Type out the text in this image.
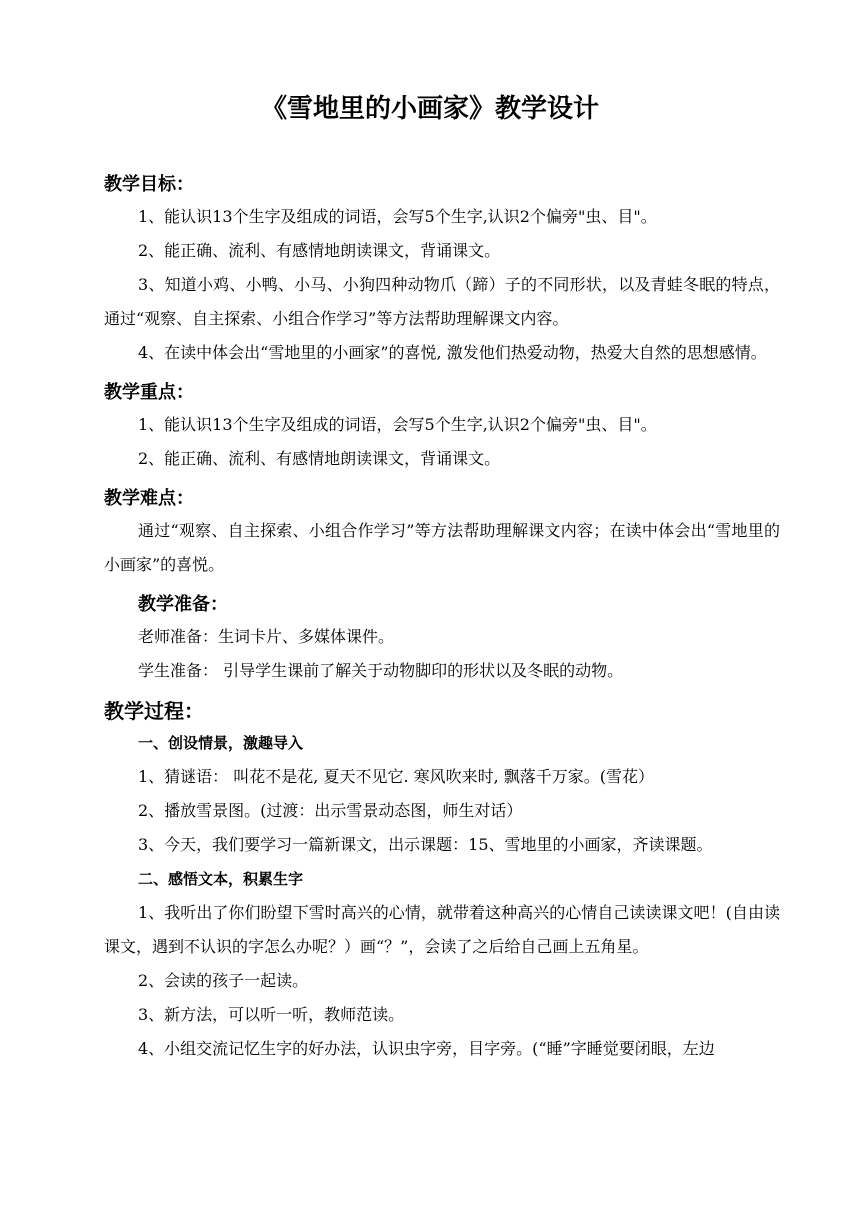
《雪地里的小画家》教学设计

教学目标：

1、能认识13个生字及组成的词语，会写5个生字,认识2个偏旁"虫、目"。

2、能正确、流利、有感情地朗读课文，背诵课文。

3、知道小鸡、小鸭、小马、小狗四种动物爪（蹄）子的不同形状，以及青蛙冬眠的特点，通过“观察、自主探索、小组合作学习”等方法帮助理解课文内容。

4、在读中体会出“雪地里的小画家”的喜悦, 激发他们热爱动物，热爱大自然的思想感情。

教学重点：

1、能认识13个生字及组成的词语，会写5个生字,认识2个偏旁"虫、目"。

2、能正确、流利、有感情地朗读课文，背诵课文。

教学难点：

通过“观察、自主探索、小组合作学习”等方法帮助理解课文内容；在读中体会出“雪地里的小画家”的喜悦。

教学准备：

老师准备：生词卡片、多媒体课件。

学生准备： 引导学生课前了解关于动物脚印的形状以及冬眠的动物。

教学过程：

一、创设情景，激趣导入

1、猜谜语： 叫花不是花, 夏天不见它. 寒风吹来时, 飘落千万家。(雪花）

2、播放雪景图。(过渡：出示雪景动态图，师生对话）

3、今天，我们要学习一篇新课文，出示课题：15、雪地里的小画家，齐读课题。

二、感悟文本，积累生字

1、我听出了你们盼望下雪时高兴的心情，就带着这种高兴的心情自己读读课文吧！(自由读课文，遇到不认识的字怎么办呢？）画“？”，会读了之后给自己画上五角星。

2、会读的孩子一起读。

3、新方法，可以听一听，教师范读。

4、小组交流记忆生字的好办法，认识虫字旁，目字旁。(“睡”字睡觉要闭眼，左边
